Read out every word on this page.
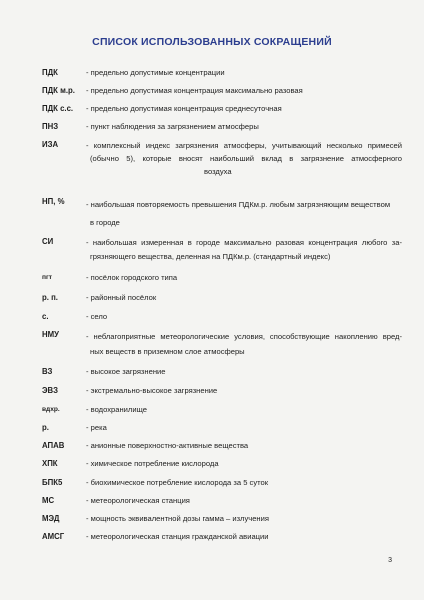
СПИСОК ИСПОЛЬЗОВАННЫХ СОКРАЩЕНИЙ
ПДК	- предельно допустимые концентрации
ПДК м.р. - предельно допустимая концентрация максимально разовая
ПДК с.с. - предельно допустимая концентрация среднесуточная
ПНЗ	- пункт наблюдения за загрязнением атмосферы
ИЗА	- комплексный индекс загрязнения атмосферы, учитывающий несколько примесей
(обычно 5), которые вносят наибольший вклад в загрязнение атмосферного
воздуха
НП, %	- наибольшая повторяемость превышения ПДКм.р. любым загрязняющим веществом
в городе
СИ	- наибольшая измеренная в городе максимально разовая концентрация любого за-
грязняющего вещества, деленная на ПДКм.р. (стандартный индекс)
пгт	- посёлок городского типа
р. п.	- районный посёлок
с.	- село
НМУ	- неблагоприятные метеорологические условия, способствующие накоплению вред-
ных веществ в приземном слое атмосферы
ВЗ	- высокое загрязнение
ЭВЗ	- экстремально-высокое загрязнение
вдхр.	- водохранилище
р.	- река
АПАВ	- анионные поверхностно-активные вещества
ХПК	- химическое потребление кислорода
БПК5	- биохимическое потребление кислорода за 5 суток
МС	- метеорологическая станция
МЭД	- мощность эквивалентной дозы гамма – излучения
АМСГ	- метеорологическая станция гражданской авиации
3
